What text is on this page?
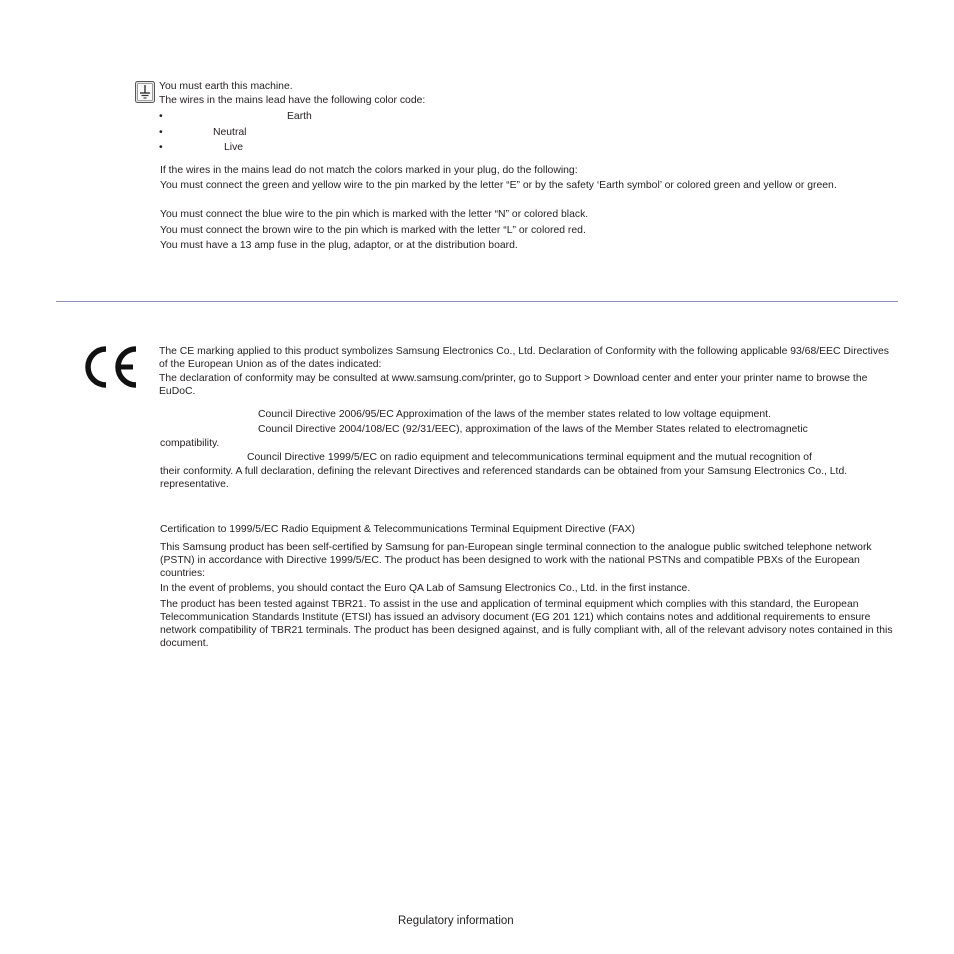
You must earth this machine.
The wires in the mains lead have the following color code:
•	Earth
•	Neutral
•	Live
If the wires in the mains lead do not match the colors marked in your plug, do the following:
You must connect the green and yellow wire to the pin marked by the letter “E” or by the safety ‘Earth symbol’ or colored green and yellow or green.
You must connect the blue wire to the pin which is marked with the letter “N” or colored black.
You must connect the brown wire to the pin which is marked with the letter “L” or colored red.
You must have a 13 amp fuse in the plug, adaptor, or at the distribution board.
The CE marking applied to this product symbolizes Samsung Electronics Co., Ltd. Declaration of Conformity with the following applicable 93/68/EEC Directives of the European Union as of the dates indicated:
The declaration of conformity may be consulted at www.samsung.com/printer, go to Support > Download center and enter your printer name to browse the EuDoC.
Council Directive 2006/95/EC Approximation of the laws of the member states related to low voltage equipment.
Council Directive 2004/108/EC (92/31/EEC), approximation of the laws of the Member States related to electromagnetic
compatibility.
Council Directive 1999/5/EC on radio equipment and telecommunications terminal equipment and the mutual recognition of
their conformity. A full declaration, defining the relevant Directives and referenced standards can be obtained from your Samsung Electronics Co., Ltd. representative.
Certification to 1999/5/EC Radio Equipment & Telecommunications Terminal Equipment Directive (FAX)
This Samsung product has been self-certified by Samsung for pan-European single terminal connection to the analogue public switched telephone network (PSTN) in accordance with Directive 1999/5/EC. The product has been designed to work with the national PSTNs and compatible PBXs of the European countries:
In the event of problems, you should contact the Euro QA Lab of Samsung Electronics Co., Ltd. in the first instance.
The product has been tested against TBR21. To assist in the use and application of terminal equipment which complies with this standard, the European Telecommunication Standards Institute (ETSI) has issued an advisory document (EG 201 121) which contains notes and additional requirements to ensure network compatibility of TBR21 terminals. The product has been designed against, and is fully compliant with, all of the relevant advisory notes contained in this document.
Regulatory information
